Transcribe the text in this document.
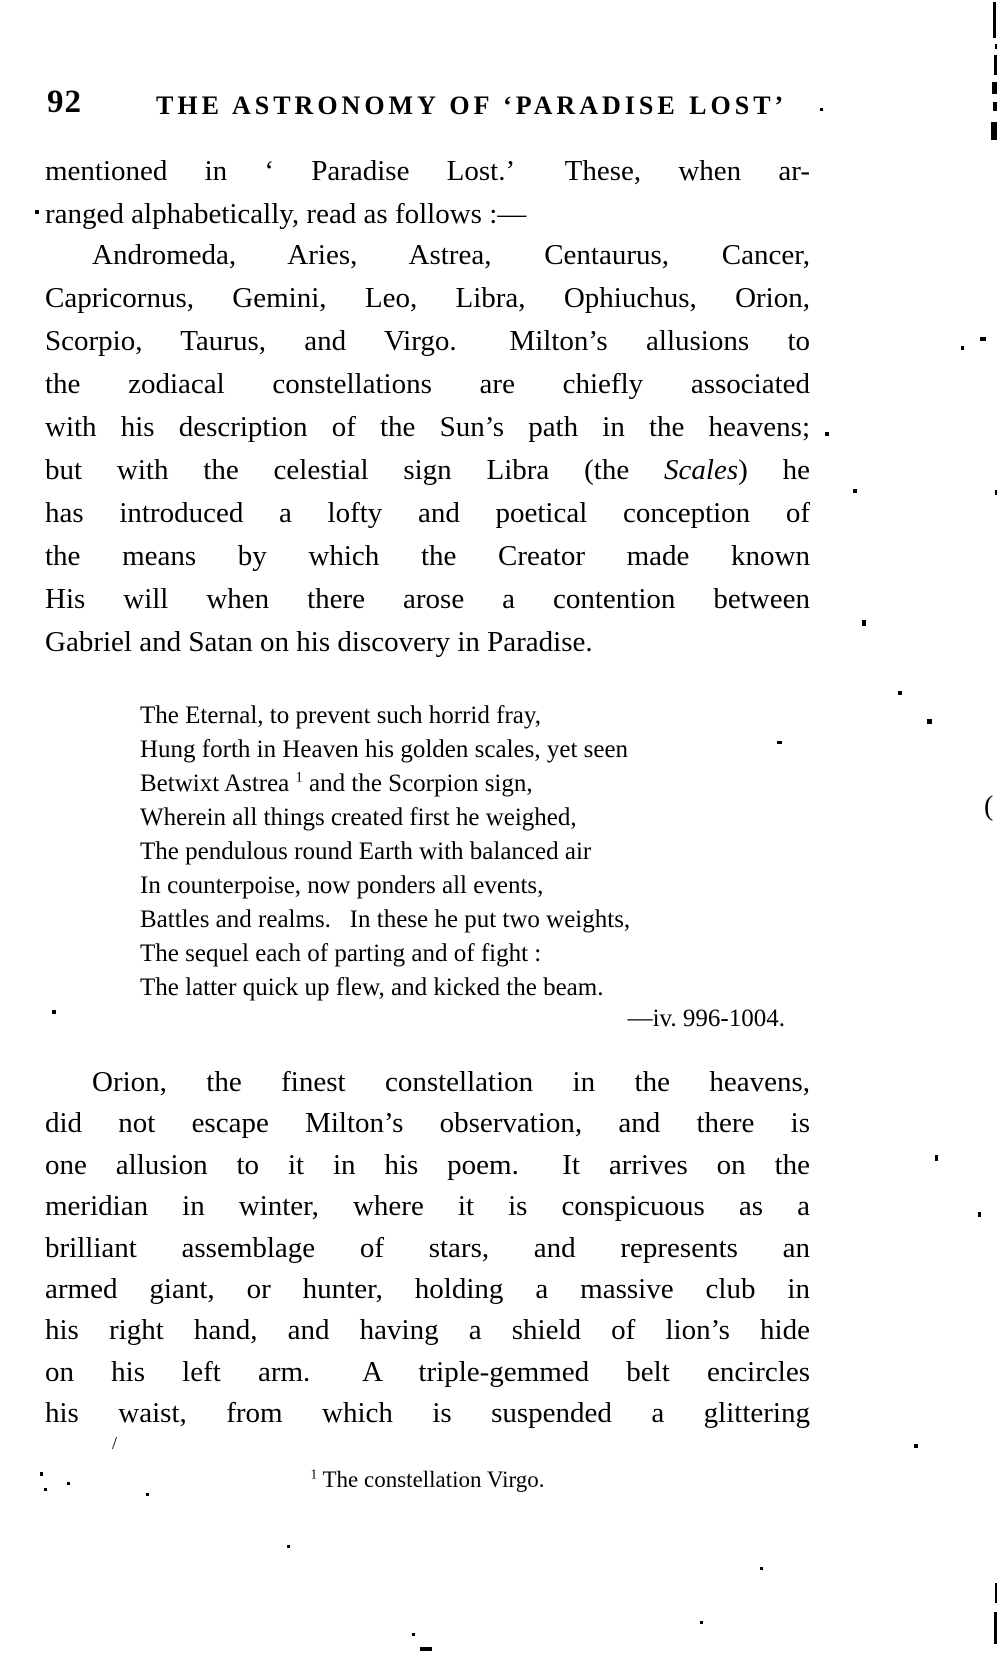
92	THE ASTRONOMY OF ‘PARADISE LOST’
mentioned in ‘ Paradise Lost.’  These, when ar-
ranged alphabetically, read as follows :—
Andromeda, Aries, Astrea, Centaurus, Cancer,
Capricornus, Gemini, Leo, Libra, Ophiuchus, Orion,
Scorpio, Taurus, and Virgo.  Milton’s allusions to
the zodiacal constellations are chiefly associated
with his description of the Sun’s path in the heavens;
but with the celestial sign Libra (the Scales) he
has introduced a lofty and poetical conception of
the means by which the Creator made known
His will when there arose a contention between
Gabriel and Satan on his discovery in Paradise.
The Eternal, to prevent such horrid fray,
Hung forth in Heaven his golden scales, yet seen
Betwixt Astrea $^1$ and the Scorpion sign,
Wherein all things created first he weighed,
The pendulous round Earth with balanced air
In counterpoise, now ponders all events,
Battles and realms.  In these he put two weights,
The sequel each of parting and of fight :
The latter quick up flew, and kicked the beam.
—iv. 996-1004.
Orion, the finest constellation in the heavens,
did not escape Milton’s observation, and there is
one allusion to it in his poem.  It arrives on the
meridian in winter, where it is conspicuous as a
brilliant assemblage of stars, and represents an
armed giant, or hunter, holding a massive club in
his right hand, and having a shield of lion’s hide
on his left arm.  A triple-gemmed belt encircles
his waist, from which is suspended a glittering
$^1$ The constellation Virgo.
(
/
